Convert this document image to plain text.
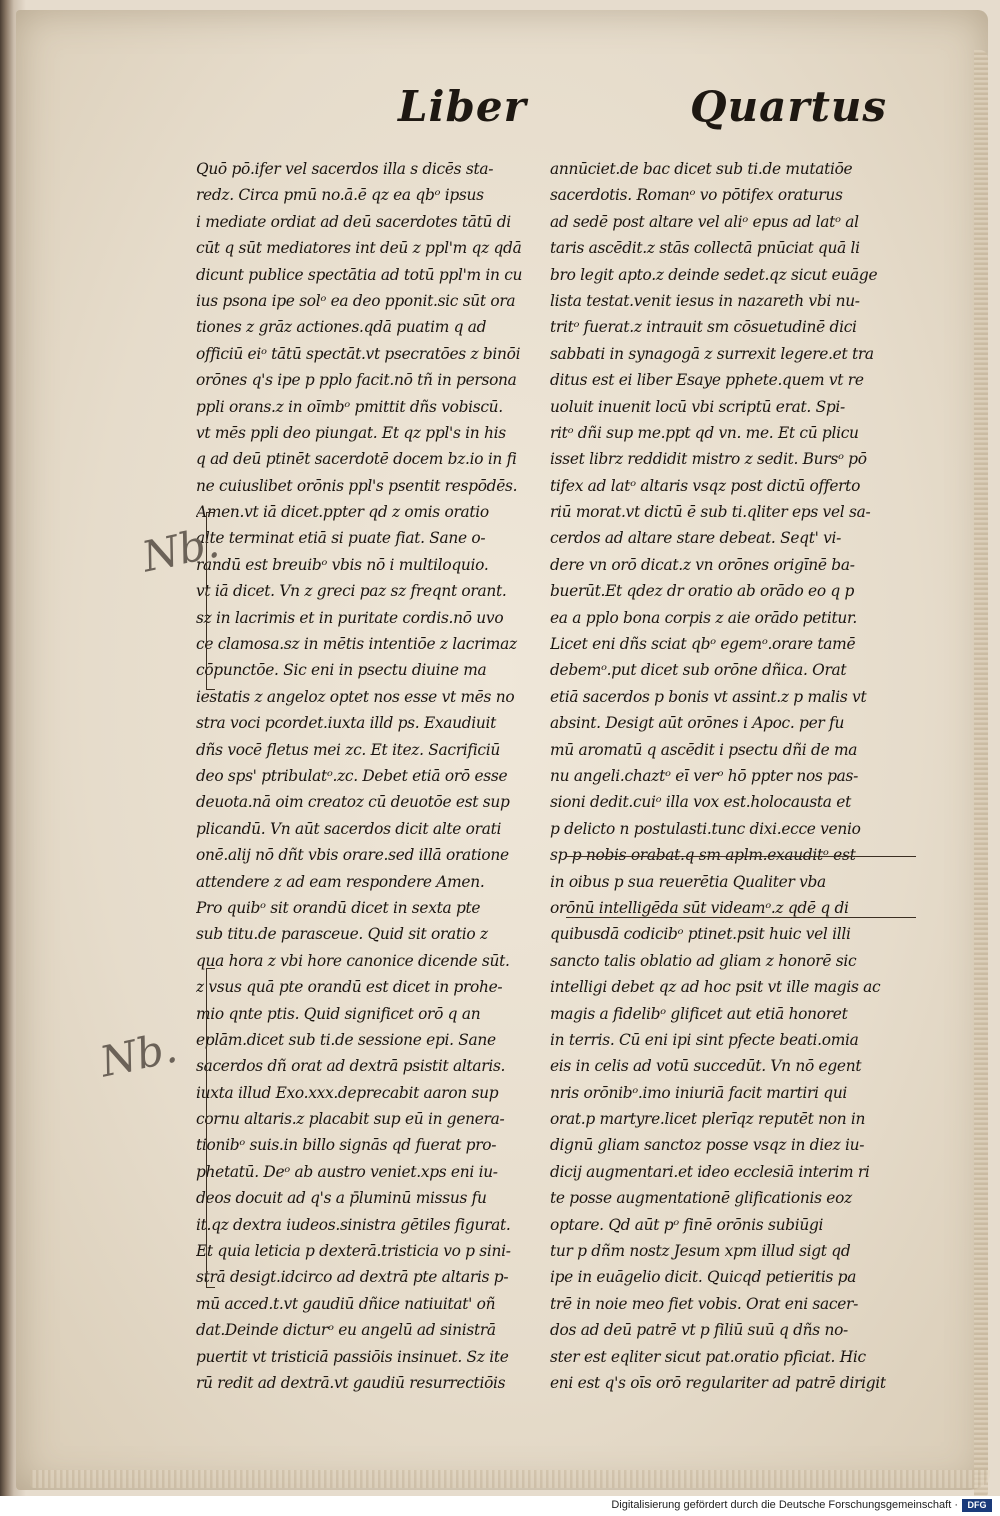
Liber	Quartus
Quō pō.ifer vel sacerdos illa s dicēs sta-
redz. Circa pmū no.ā.ē qz ea qbᵒ ipsus
i mediate ordiat ad deū sacerdotes tātū di
cūt q sūt mediatores int deū z ppl'm qz qdā
dicunt publice spectātia ad totū ppl'm in cu
ius psona ipe solᵒ ea deo pponit.sic sūt ora
tiones z grāz actiones.qdā puatim q ad
officiū eiᵒ tātū spectāt.vt psecratōes z binōi
orōnes q's ipe p pplo facit.nō tñ in persona
ppli orans.z in oīmbᵒ pmittit dñs vobiscū.
vt mēs ppli deo piungat. Et qz ppl's in his
q ad deū ptinēt sacerdotē docem bz.io in fi
ne cuiuslibet orōnis ppl's psentit respōdēs.
Amen.vt iā dicet.ppter qd z omis oratio
alte terminat etiā si puate fiat. Sane o-
randū est breuibᵒ vbis nō i multiloquio.
vt iā dicet. Vn z greci paz sz freqnt orant.
sz in lacrimis et in puritate cordis.nō uvo
ce clamosa.sz in mētis intentiōe z lacrimaz
cōpunctōe. Sic eni in psectu diuine ma
iestatis z angeloz optet nos esse vt mēs no
stra voci pcordet.iuxta illd ps. Exaudiuit
dñs vocē fletus mei zc. Et itez. Sacrificiū
deo sps' ptribulatᵒ.zc. Debet etiā orō esse
deuota.nā oim creatoz cū deuotōe est sup
plicandū. Vn aūt sacerdos dicit alte orati
onē.alij nō dñt vbis orare.sed illā oratione
attendere z ad eam respondere Amen.
Pro quibᵒ sit orandū dicet in sexta pte
sub titu.de parasceue. Quid sit oratio z
qua hora z vbi hore canonice dicende sūt.
z vsus quā pte orandū est dicet in prohe-
mio qnte ptis. Quid significet orō q an
eplām.dicet sub ti.de sessione epi. Sane
sacerdos dñ orat ad dextrā psistit altaris.
iuxta illud Exo.xxx.deprecabit aaron sup
cornu altaris.z placabit sup eū in genera-
tionibᵒ suis.in billo signās qd fuerat pro-
phetatū. Deᵒ ab austro veniet.xps eni iu-
deos docuit ad q's a p̄luminū missus fu
it.qz dextra iudeos.sinistra gētiles figurat.
Et quia leticia p dexterā.tristicia vo p sini-
strā desigt.idcirco ad dextrā pte altaris p-
mū acced.t.vt gaudiū dñice natiuitat' oñ
dat.Deinde dicturᵒ eu angelū ad sinistrā
puertit vt tristiciā passiōis insinuet. Sz ite
rū redit ad dextrā.vt gaudiū resurrectiōis
annūciet.de bac dicet sub ti.de mutatiōe
sacerdotis. Romanᵒ vo pōtifex oraturus
ad sedē post altare vel aliᵒ epus ad latᵒ al
taris ascēdit.z stās collectā pnūciat quā li
bro legit apto.z deinde sedet.qz sicut euāge
lista testat.venit iesus in nazareth vbi nu-
tritᵒ fuerat.z intrauit sm cōsuetudinē dici
sabbati in synagogā z surrexit legere.et tra
ditus est ei liber Esaye pphete.quem vt re
uoluit inuenit locū vbi scriptū erat. Spi-
ritᵒ dñi sup me.ppt qd vn. me. Et cū plicu
isset librz reddidit mistro z sedit. Bursᵒ pō
tifex ad latᵒ altaris vsqz post dictū offerto
riū morat.vt dictū ē sub ti.qliter eps vel sa-
cerdos ad altare stare debeat. Seqt' vi-
dere vn orō dicat.z vn orōnes origīnē ba-
buerūt.Et qdez dr oratio ab orādo eo q p
ea a pplo bona corpis z aie orādo petitur.
Licet eni dñs sciat qbᵒ egemᵒ.orare tamē
debemᵒ.put dicet sub orōne dñica. Orat
etiā sacerdos p bonis vt assint.z p malis vt
absint. Desigt aūt orōnes i Apoc. per fu
mū aromatū q ascēdit i psectu dñi de ma
nu angeli.chaztᵒ eī verᵒ hō ppter nos pas-
sioni dedit.cuiᵒ illa vox est.holocausta et
p delicto n postulasti.tunc dixi.ecce venio
sp p nobis orabat.q sm aplm.exauditᵒ est
in oibus p sua reuerētia Qualiter vba
orōnū intelligēda sūt videamᵒ.z qdē q di
quibusdā codicibᵒ ptinet.psit huic vel illi
sancto talis oblatio ad gliam z honorē sic
intelligi debet qz ad hoc psit vt ille magis ac
magis a fidelibᵒ glificet aut etiā honoret
in terris. Cū eni ipi sint pfecte beati.omia
eis in celis ad votū succedūt. Vn nō egent
nris orōnibᵒ.imo iniuriā facit martiri qui
orat.p martyre.licet plerīqz reputēt non in
dignū gliam sanctoz posse vsqz in diez iu-
dicij augmentari.et ideo ecclesiā interim ri
te posse augmentationē glificationis eoz
optare. Qd aūt pᵒ finē orōnis subiūgi
tur p dñm nostz Jesum xpm illud sigt qd
ipe in euāgelio dicit. Quicqd petieritis pa
trē in noie meo fiet vobis. Orat eni sacer-
dos ad deū patrē vt p filiū suū q dñs no-
ster est eqliter sicut pat.oratio pficiat. Hic
eni est q's oīs orō regulariter ad patrē dirigit
Nb.
Nb.
Digitalisierung gefördert durch die Deutsche Forschungsgemeinschaft ·	DFG
